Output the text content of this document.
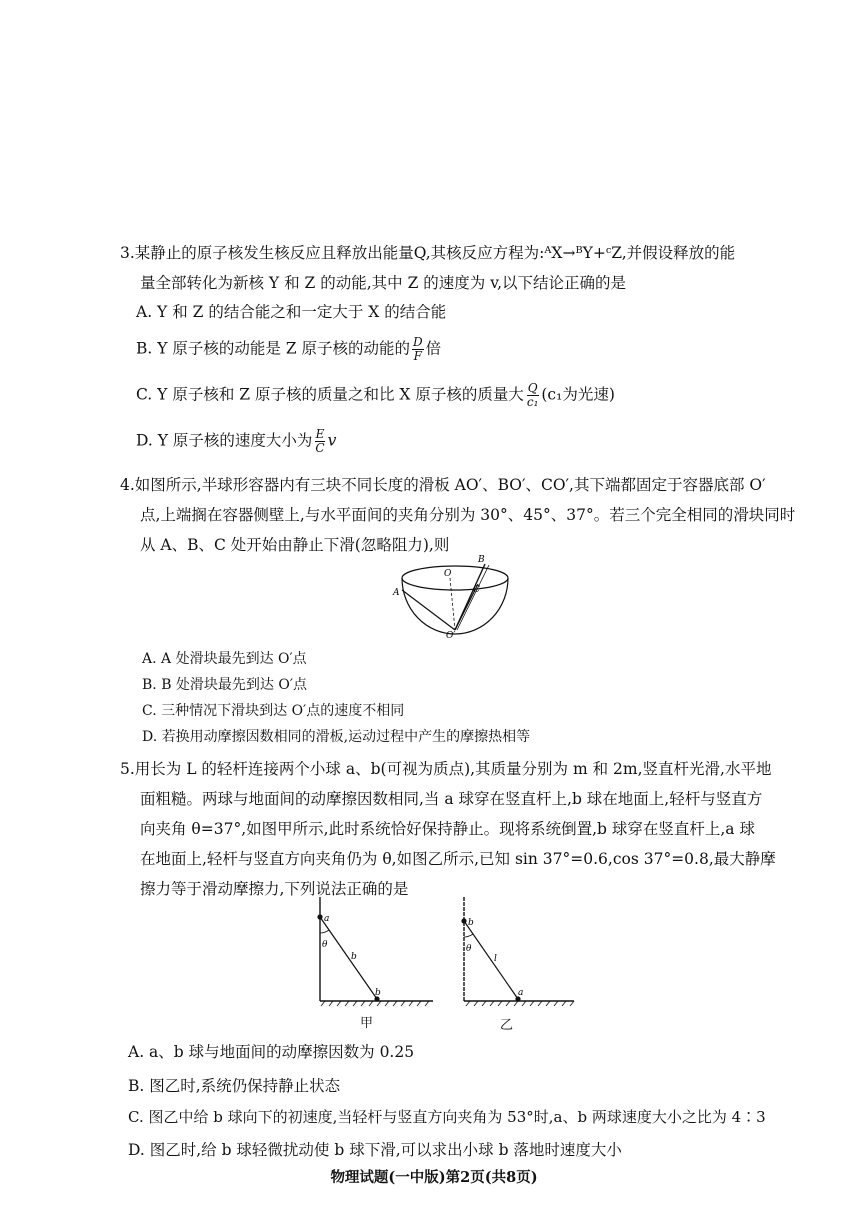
3.某静止的原子核发生核反应且释放出能量Q,其核反应方程为:ᴬX→ᴮY+ᶜZ,并假设释放的能
量全部转化为新核 Y 和 Z 的动能,其中 Z 的速度为 v,以下结论正确的是
A. Y 和 Z 的结合能之和一定大于 X 的结合能
B. Y 原子核的动能是 Z 原子核的动能的 $\frac{D}{F}$ 倍
C. Y 原子核和 Z 原子核的质量之和比 X 原子核的质量大 $\frac{Q}{\text{c₁}} (c_1$为光速)
D. Y 原子核的速度大小为 $\frac{E}{C}$ v
4.如图所示,半球形容器内有三块不同长度的滑板 AO′、BO′、CO′,其下端都固定于容器底部 O′
点,上端搁在容器侧壁上,与水平面间的夹角分别为 30°、45°、37°。若三个完全相同的滑块同时
从 A、B、C 处开始由静止下滑(忽略阻力),则
A
B
C
O
O′
A. A 处滑块最先到达 O′点
B. B 处滑块最先到达 O′点
C. 三种情况下滑块到达 O′点的速度不相同
D. 若换用动摩擦因数相同的滑板,运动过程中产生的摩擦热相等
5.用长为 L 的轻杆连接两个小球 a、b(可视为质点),其质量分别为 m 和 2m,竖直杆光滑,水平地
面粗糙。两球与地面间的动摩擦因数相同,当 a 球穿在竖直杆上,b 球在地面上,轻杆与竖直方
向夹角 θ=37°,如图甲所示,此时系统恰好保持静止。现将系统倒置,b 球穿在竖直杆上,a 球
在地面上,轻杆与竖直方向夹角仍为 θ,如图乙所示,已知 sin 37°=0.6,cos 37°=0.8,最大静摩
擦力等于滑动摩擦力,下列说法正确的是
a
θ
b
b
甲
b
θ
l
a
乙
A. a、b 球与地面间的动摩擦因数为 0.25
B. 图乙时,系统仍保持静止状态
C. 图乙中给 b 球向下的初速度,当轻杆与竖直方向夹角为 53°时,a、b 两球速度大小之比为 4∶3
D. 图乙时,给 b 球轻微扰动使 b 球下滑,可以求出小球 b 落地时速度大小
物理试题(一中版)第2页(共8页)
